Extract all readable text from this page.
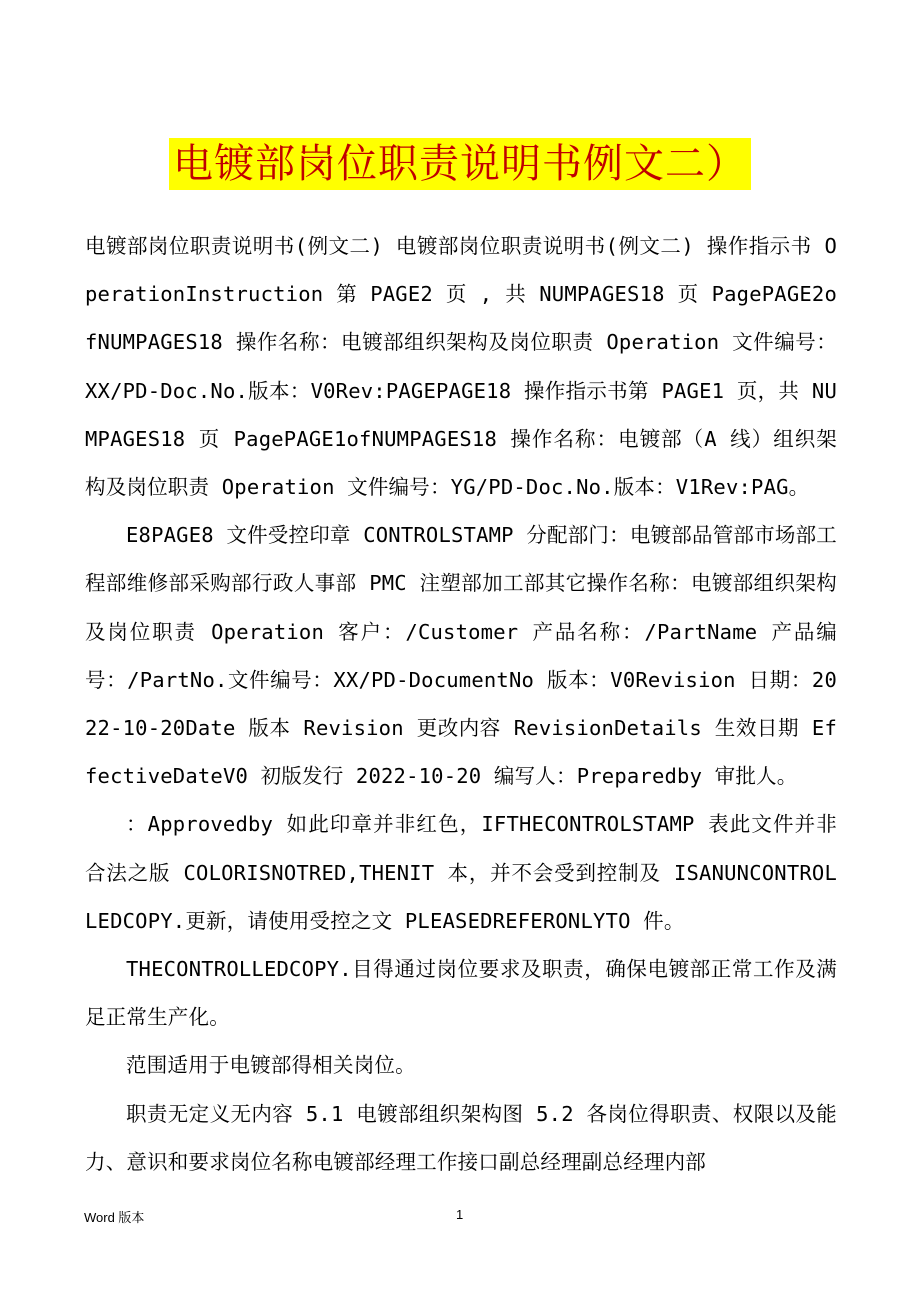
电镀部岗位职责说明书例文二）

电镀部岗位职责说明书(例文二) 电镀部岗位职责说明书(例文二) 操作指示书 OperationInstruction 第 PAGE2 页 , 共 NUMPAGES18 页 PagePAGE2ofNUMPAGES18 操作名称：电镀部组织架构及岗位职责 Operation 文件编号：XX/PD-Doc.No.版本：V0Rev:PAGEPAGE18 操作指示书第 PAGE1 页，共 NUMPAGES18 页 PagePAGE1ofNUMPAGES18 操作名称：电镀部（A 线）组织架构及岗位职责 Operation 文件编号：YG/PD-Doc.No.版本：V1Rev:PAG。

E8PAGE8 文件受控印章 CONTROLSTAMP 分配部门：电镀部品管部市场部工程部维修部采购部行政人事部 PMC 注塑部加工部其它操作名称：电镀部组织架构及岗位职责 Operation 客户：/Customer 产品名称：/PartName 产品编号：/PartNo.文件编号：XX/PD-DocumentNo 版本：V0Revision 日期：2022-10-20Date 版本 Revision 更改内容 RevisionDetails 生效日期 EffectiveDateV0 初版发行 2022-10-20 编写人：Preparedby 审批人。

：Approvedby 如此印章并非红色，IFTHECONTROLSTAMP 表此文件并非合法之版 COLORISNOTRED,THENIT 本，并不会受到控制及 ISANUNCONTROLLEDCOPY.更新，请使用受控之文 PLEASEDREFERONLYTO 件。

THECONTROLLEDCOPY.目得通过岗位要求及职责，确保电镀部正常工作及满足正常生产化。

范围适用于电镀部得相关岗位。

职责无定义无内容 5.1 电镀部组织架构图 5.2 各岗位得职责、权限以及能力、意识和要求岗位名称电镀部经理工作接口副总经理副总经理内部

Word 版本	1
